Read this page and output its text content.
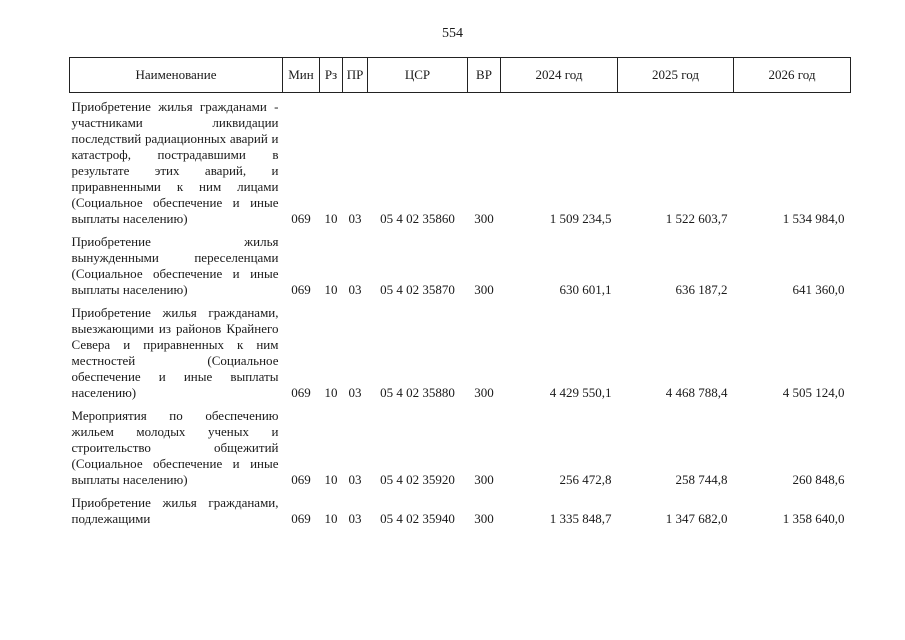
554
Наименование	Мин	Рз	ПР	ЦСР	ВР	2024 год	2025 год	2026 год
Приобретение жилья гражданами - участниками ликвидации последствий радиационных аварий и катастроф, пострадавшими в результате этих аварий, и приравненными к ним лицами (Социальное обеспечение и иные выплаты населению)	069	10	03	05 4 02 35860	300	1 509 234,5	1 522 603,7	1 534 984,0
Приобретение жилья вынужденными переселенцами (Социальное обеспечение и иные выплаты населению)	069	10	03	05 4 02 35870	300	630 601,1	636 187,2	641 360,0
Приобретение жилья гражданами, выезжающими из районов Крайнего Севера и приравненных к ним местностей (Социальное обеспечение и иные выплаты населению)	069	10	03	05 4 02 35880	300	4 429 550,1	4 468 788,4	4 505 124,0
Мероприятия по обеспечению жильем молодых ученых и строительство общежитий (Социальное обеспечение и иные выплаты населению)	069	10	03	05 4 02 35920	300	256 472,8	258 744,8	260 848,6
Приобретение жилья гражданами, подлежащими	069	10	03	05 4 02 35940	300	1 335 848,7	1 347 682,0	1 358 640,0
